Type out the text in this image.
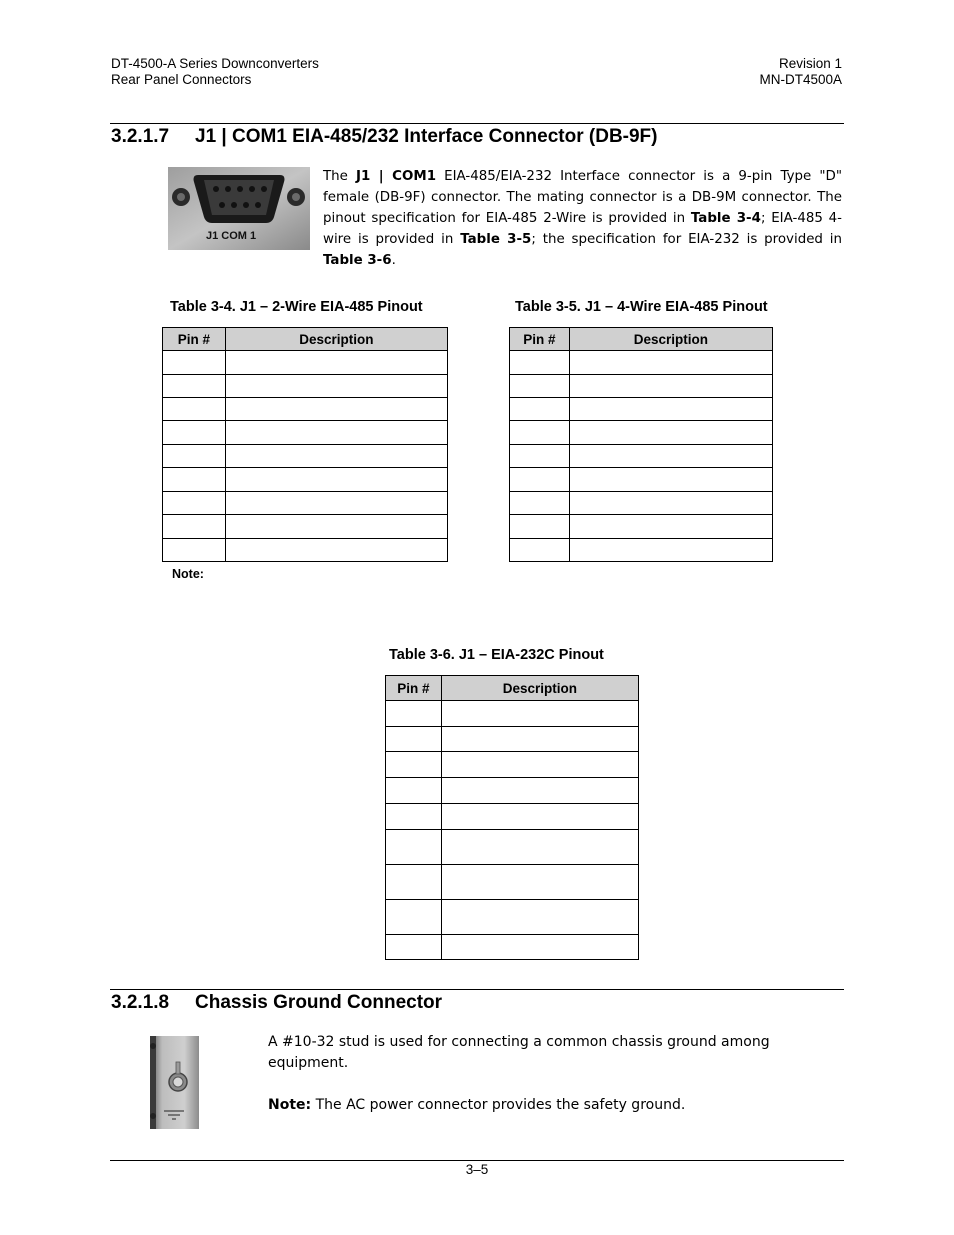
DT-4500-A Series Downconverters
Rear Panel Connectors
Revision 1
MN-DT4500A
3.2.1.7 J1 | COM1 EIA-485/232 Interface Connector (DB-9F)
J1 COM 1
The J1 | COM1 EIA-485/EIA-232 Interface connector is a 9-pin Type "D" female (DB-9F) connector. The mating connector is a DB-9M connector. The pinout specification for EIA-485 2-Wire is provided in Table 3-4; EIA-485 4-wire is provided in Table 3-5; the specification for EIA-232 is provided in Table 3-6.
Table 3-4. J1 – 2-Wire EIA-485 Pinout
Pin #	Description

Note:
Table 3-5. J1 – 4-Wire EIA-485 Pinout
Pin #	Description

Table 3-6. J1 – EIA-232C Pinout
Pin #	Description

3.2.1.8 Chassis Ground Connector
A #10-32 stud is used for connecting a common chassis ground among equipment.
Note: The AC power connector provides the safety ground.
3–5
